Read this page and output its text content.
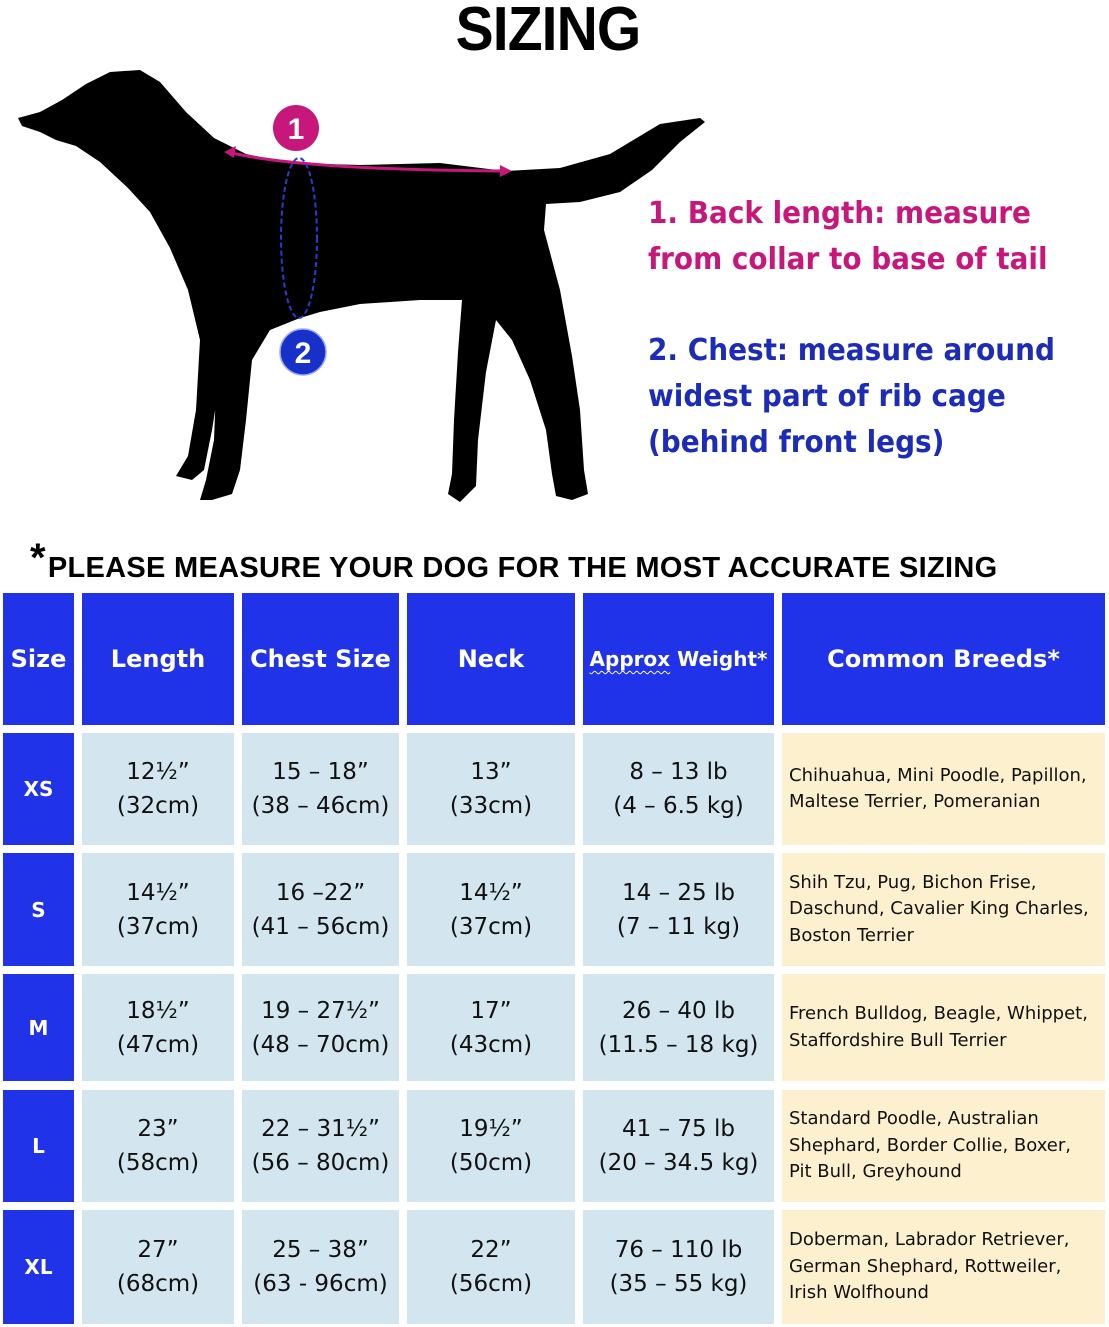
SIZING
1
2
1. Back length: measure
from collar to base of tail
2. Chest: measure around
widest part of rib cage
(behind front legs)
*PLEASE MEASURE YOUR DOG FOR THE MOST ACCURATE SIZING
Size Length Chest Size	Neck	Approx Weight* Common Breeds*
XS
12½”
(32cm)
15 – 18”
(38 – 46cm)
13”
(33cm)
8 – 13 lb
(4 – 6.5 kg)
Chihuahua, Mini Poodle, Papillon,
Maltese Terrier, Pomeranian
S
14½”
(37cm)
16 –22”
(41 – 56cm)
14½”
(37cm)
14 – 25 lb
(7 – 11 kg)
Shih Tzu, Pug, Bichon Frise,
Daschund, Cavalier King Charles,
Boston Terrier
M
18½”
(47cm)
19 – 27½”
(48 – 70cm)
17”
(43cm)
26 – 40 lb
(11.5 – 18 kg)
French Bulldog, Beagle, Whippet,
Staffordshire Bull Terrier
L
23”
(58cm)
22 – 31½”
(56 – 80cm)
19½”
(50cm)
41 – 75 lb
(20 – 34.5 kg)
Standard Poodle, Australian
Shephard, Border Collie, Boxer,
Pit Bull, Greyhound
XL
27”
(68cm)
25 – 38”
(63 - 96cm)
22”
(56cm)
76 – 110 lb
(35 – 55 kg)
Doberman, Labrador Retriever,
German Shephard, Rottweiler,
Irish Wolfhound
